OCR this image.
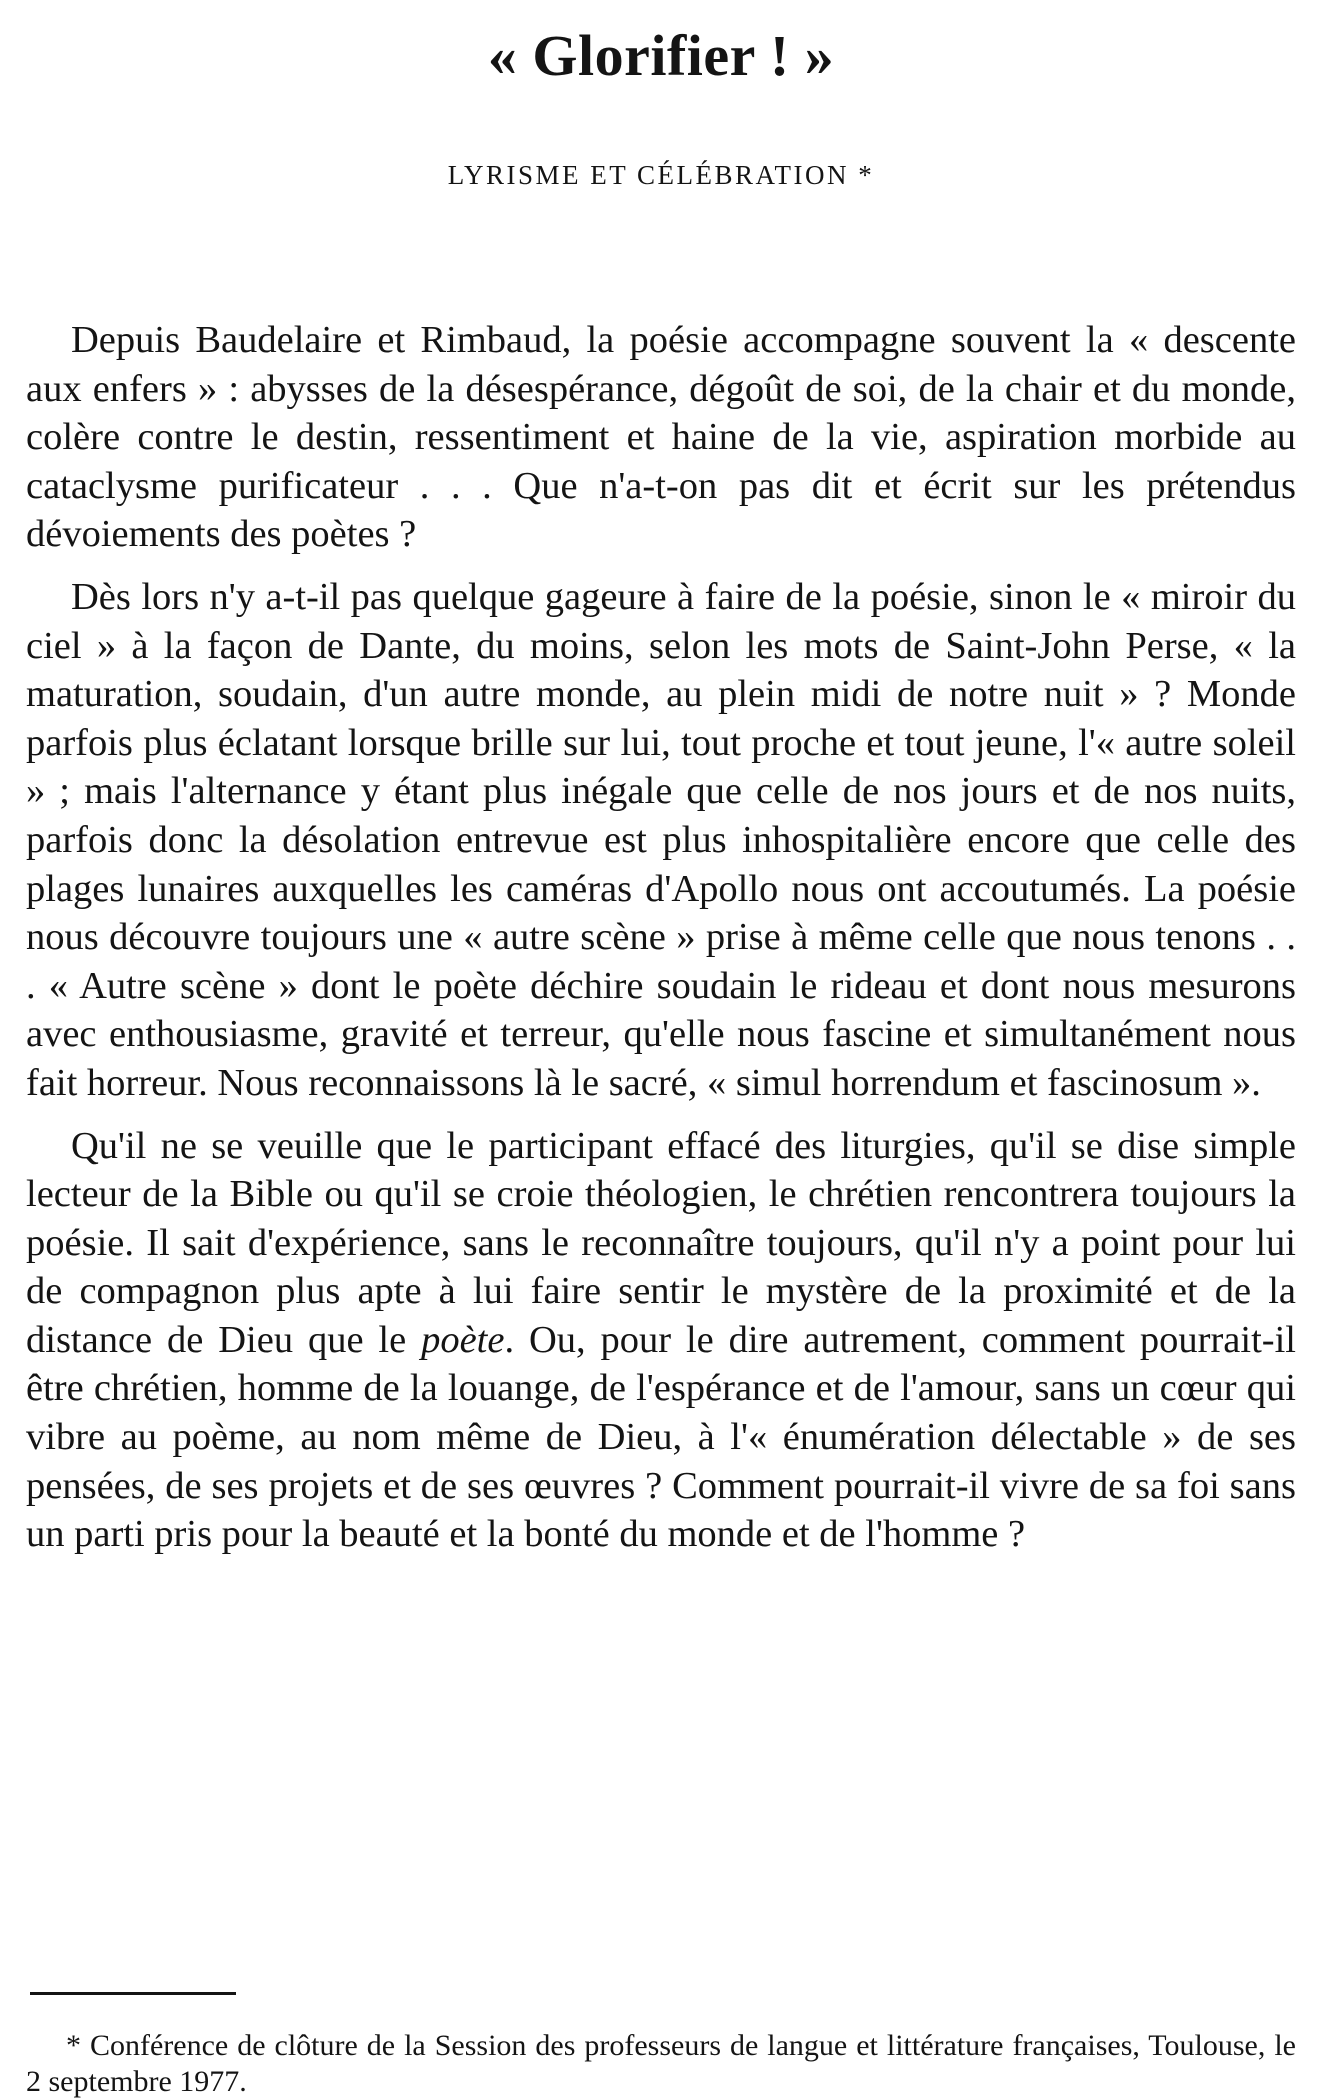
« Glorifier ! »
LYRISME ET CÉLÉBRATION *

Depuis Baudelaire et Rimbaud, la poésie accompagne souvent la « descente aux enfers » : abysses de la désespérance, dégoût de soi, de la chair et du monde, colère contre le destin, ressentiment et haine de la vie, aspiration morbide au cataclysme purificateur . . . Que n'a-t-on pas dit et écrit sur les prétendus dévoiements des poètes ?

Dès lors n'y a-t-il pas quelque gageure à faire de la poésie, sinon le « miroir du ciel » à la façon de Dante, du moins, selon les mots de Saint-John Perse, « la maturation, soudain, d'un autre monde, au plein midi de notre nuit » ? Monde parfois plus éclatant lorsque brille sur lui, tout proche et tout jeune, l'« autre soleil » ; mais l'alternance y étant plus inégale que celle de nos jours et de nos nuits, parfois donc la désolation entrevue est plus inhospitalière encore que celle des plages lunaires auxquelles les caméras d'Apollo nous ont accoutumés. La poésie nous découvre toujours une « autre scène » prise à même celle que nous tenons . . . « Autre scène » dont le poète déchire soudain le rideau et dont nous mesurons avec enthousiasme, gravité et terreur, qu'elle nous fascine et simultanément nous fait horreur. Nous reconnaissons là le sacré, « simul horrendum et fascinosum ».

Qu'il ne se veuille que le participant effacé des liturgies, qu'il se dise simple lecteur de la Bible ou qu'il se croie théologien, le chrétien rencontrera toujours la poésie. Il sait d'expérience, sans le reconnaître toujours, qu'il n'y a point pour lui de compagnon plus apte à lui faire sentir le mystère de la proximité et de la distance de Dieu que le poète. Ou, pour le dire autrement, comment pourrait-il être chrétien, homme de la louange, de l'espérance et de l'amour, sans un cœur qui vibre au poème, au nom même de Dieu, à l'« énumération délectable » de ses pensées, de ses projets et de ses œuvres ? Comment pourrait-il vivre de sa foi sans un parti pris pour la beauté et la bonté du monde et de l'homme ?

* Conférence de clôture de la Session des professeurs de langue et littérature françaises, Toulouse, le 2 septembre 1977.
